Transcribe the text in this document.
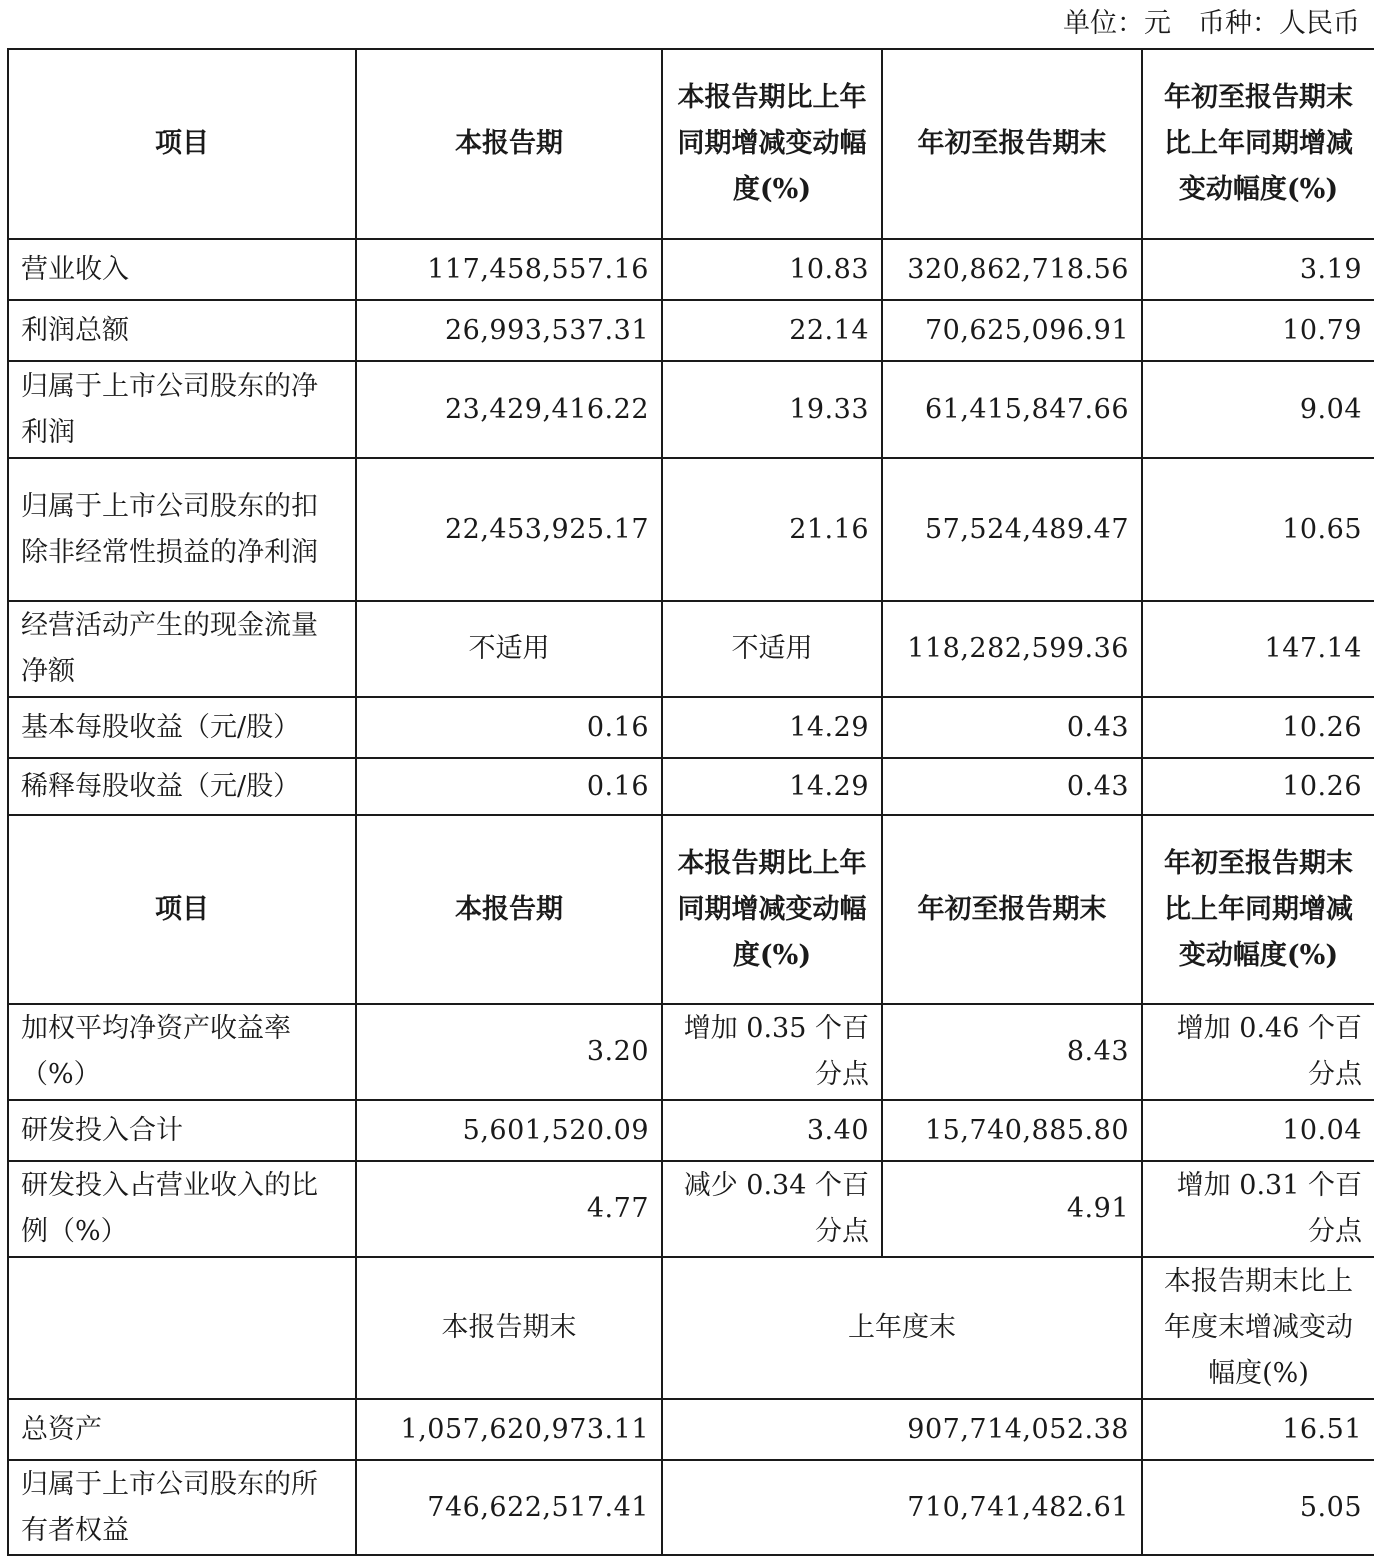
单位：元　币种：人民币
项目	本报告期	本报告期比上年同期增减变动幅度(%)	年初至报告期末	年初至报告期末比上年同期增减变动幅度(%)
营业收入	117,458,557.16	10.83	320,862,718.56	3.19
利润总额	26,993,537.31	22.14	70,625,096.91	10.79
归属于上市公司股东的净利润	23,429,416.22	19.33	61,415,847.66	9.04
归属于上市公司股东的扣除非经常性损益的净利润	22,453,925.17	21.16	57,524,489.47	10.65
经营活动产生的现金流量净额	不适用	不适用	118,282,599.36	147.14
基本每股收益（元/股）	0.16	14.29	0.43	10.26
稀释每股收益（元/股）	0.16	14.29	0.43	10.26
项目	本报告期	本报告期比上年同期增减变动幅度(%)	年初至报告期末	年初至报告期末比上年同期增减变动幅度(%)
加权平均净资产收益率（%）	3.20	增加 0.35 个百分点	8.43	增加 0.46 个百分点
研发投入合计	5,601,520.09	3.40	15,740,885.80	10.04
研发投入占营业收入的比例（%）	4.77	减少 0.34 个百分点	4.91	增加 0.31 个百分点
	本报告期末	上年度末		本报告期末比上年度末增减变动幅度(%)
总资产	1,057,620,973.11	907,714,052.38		16.51
归属于上市公司股东的所有者权益	746,622,517.41	710,741,482.61		5.05
